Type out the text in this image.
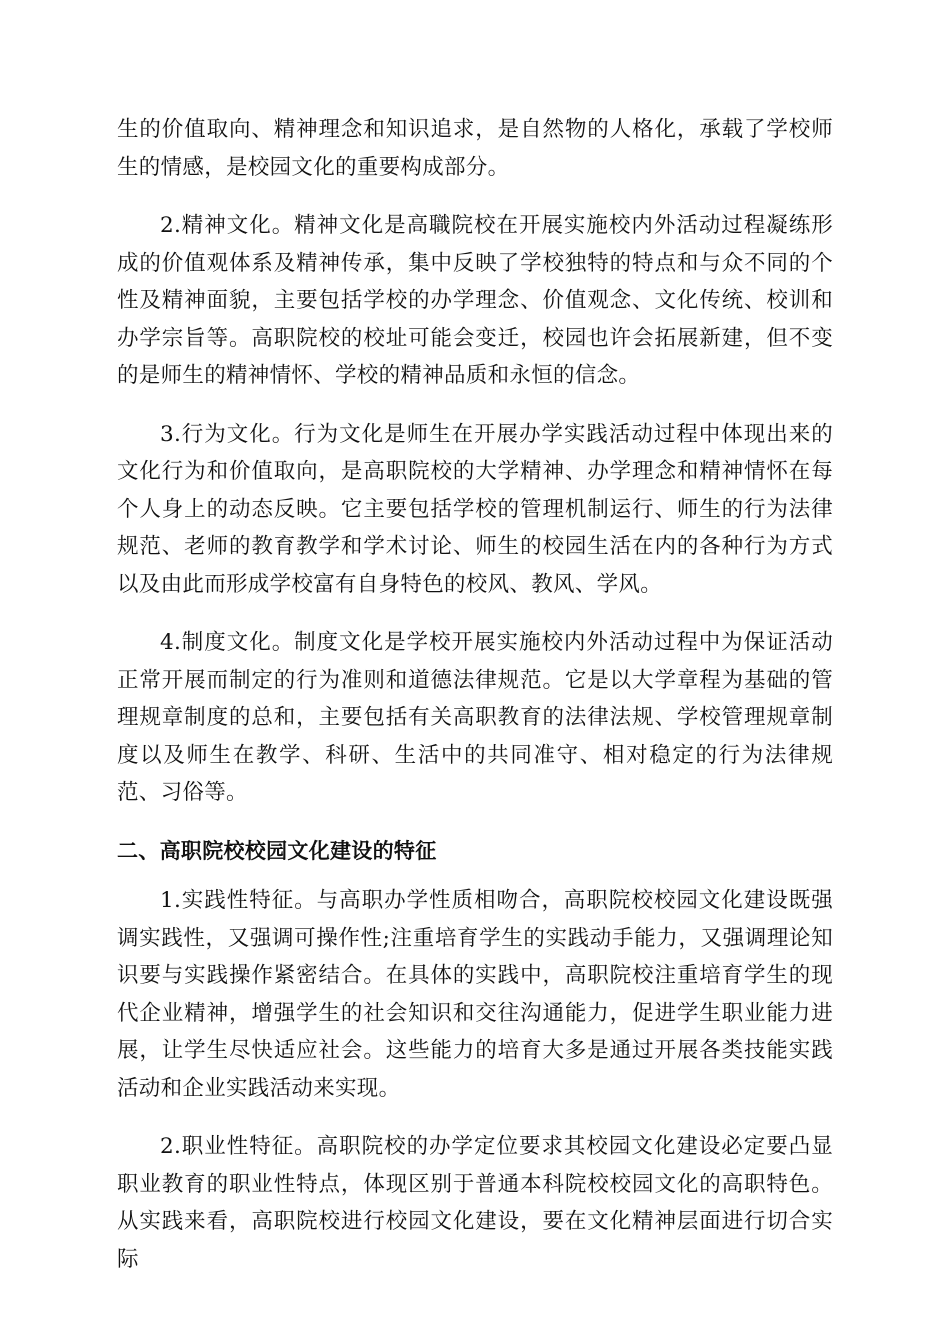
生的价值取向、精神理念和知识追求，是自然物的人格化，承载了学校师生的情感，是校园文化的重要构成部分。

2.精神文化。精神文化是高職院校在开展实施校内外活动过程凝练形成的价值观体系及精神传承，集中反映了学校独特的特点和与众不同的个性及精神面貌，主要包括学校的办学理念、价值观念、文化传统、校训和办学宗旨等。高职院校的校址可能会变迁，校园也许会拓展新建，但不变的是师生的精神情怀、学校的精神品质和永恒的信念。

3.行为文化。行为文化是师生在开展办学实践活动过程中体现出来的文化行为和价值取向，是高职院校的大学精神、办学理念和精神情怀在每个人身上的动态反映。它主要包括学校的管理机制运行、师生的行为法律规范、老师的教育教学和学术讨论、师生的校园生活在内的各种行为方式以及由此而形成学校富有自身特色的校风、教风、学风。

4.制度文化。制度文化是学校开展实施校内外活动过程中为保证活动正常开展而制定的行为准则和道德法律规范。它是以大学章程为基础的管理规章制度的总和，主要包括有关高职教育的法律法规、学校管理规章制度以及师生在教学、科研、生活中的共同准守、相对稳定的行为法律规范、习俗等。

二、高职院校校园文化建设的特征

1.实践性特征。与高职办学性质相吻合，高职院校校园文化建设既强调实践性，又强调可操作性;注重培育学生的实践动手能力，又强调理论知识要与实践操作紧密结合。在具体的实践中，高职院校注重培育学生的现代企业精神，增强学生的社会知识和交往沟通能力，促进学生职业能力进展，让学生尽快适应社会。这些能力的培育大多是通过开展各类技能实践活动和企业实践活动来实现。

2.职业性特征。高职院校的办学定位要求其校园文化建设必定要凸显职业教育的职业性特点，体现区别于普通本科院校校园文化的高职特色。从实践来看，高职院校进行校园文化建设，要在文化精神层面进行切合实际
